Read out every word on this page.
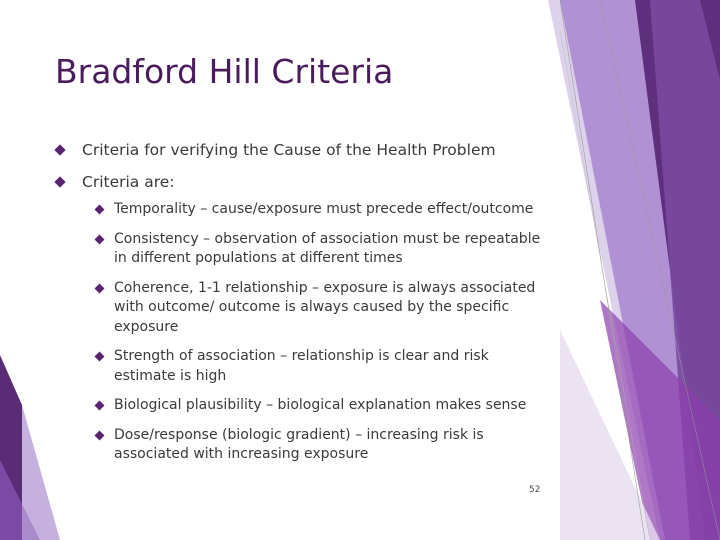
Bradford Hill Criteria
Criteria for verifying the Cause of the Health Problem
Criteria are:
Temporality – cause/exposure must precede effect/outcome
Consistency – observation of association must be repeatable in different populations at different times
Coherence, 1-1 relationship – exposure is always associated with outcome/ outcome is always caused by the specific exposure
Strength of association – relationship is clear and risk estimate is high
Biological plausibility – biological explanation makes sense
Dose/response (biologic gradient) – increasing risk is associated with increasing exposure
52
